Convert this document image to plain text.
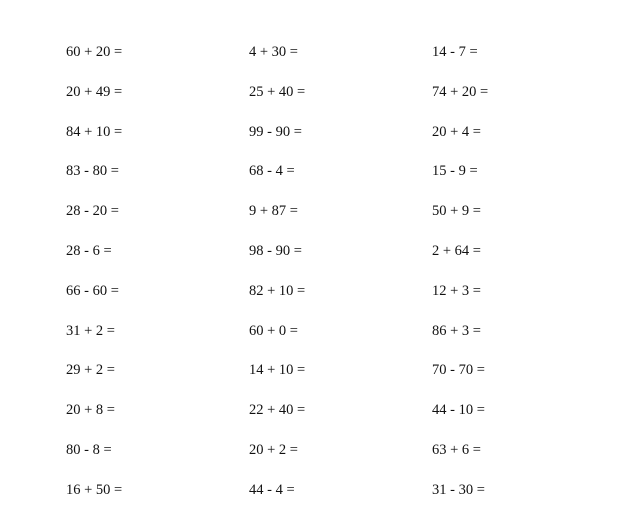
60 + 20 =
20 + 49 =
84 + 10 =
83 - 80 =
28 - 20 =
28 - 6 =
66 - 60 =
31 + 2 =
29 + 2 =
20 + 8 =
80 - 8 =
16 + 50 =
4 + 30 =
25 + 40 =
99 - 90 =
68 - 4 =
9 + 87 =
98 - 90 =
82 + 10 =
60 + 0 =
14 + 10 =
22 + 40 =
20 + 2 =
44 - 4 =
14 - 7 =
74 + 20 =
20 + 4 =
15 - 9 =
50 + 9 =
2 + 64 =
12 + 3 =
86 + 3 =
70 - 70 =
44 - 10 =
63 + 6 =
31 - 30 =
